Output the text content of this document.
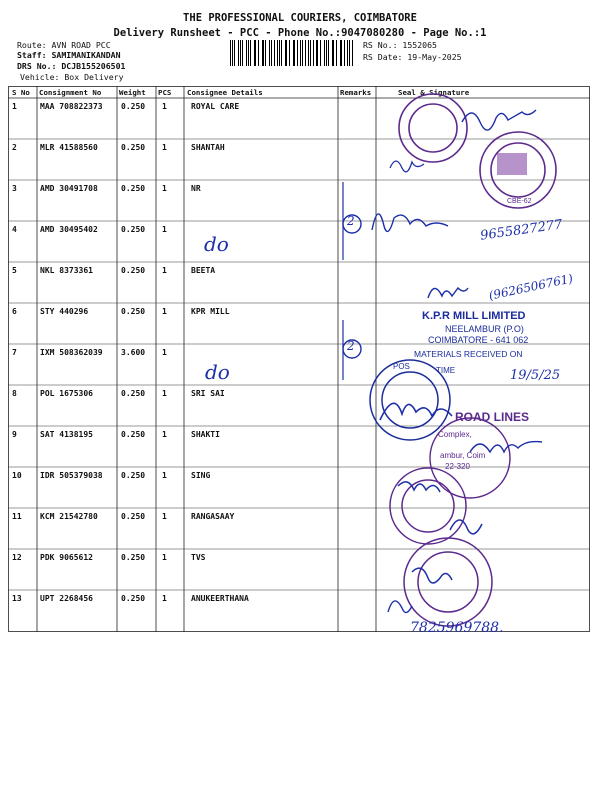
THE PROFESSIONAL COURIERS, COIMBATORE
Delivery Runsheet - PCC - Phone No.:9047080280 - Page No.:1
Route: AVN ROAD PCC
Staff: SAMIMANIKANDAN
DRS No.: DCJB155206501
Vehicle: Box Delivery
RS No.: 1552065
RS Date: 19-May-2025
S No Consignment No Weight PCS Consignee Details	Remarks	Seal & Signature
1	MAA 708822373 0.250 1	ROYAL CARE
2	MLR 41588560	0.250 1	SHANTAH
3	AMD 30491708	0.250 1	NR
4	AMD 30495402	0.250 1
5	NKL 8373361	0.250 1	BEETA
6	STY 440296	0.250 1	KPR MILL
7	IXM 508362039 3.600 1
8	POL 1675306	0.250 1	SRI SAI
9	SAT 4138195	0.250 1	SHAKTI
10 IDR 505379038 0.250 1	SING
11 KCM 21542780	0.250 1	RANGASAAY
12 PDK 9065612	0.250 1	TVS
13 UPT 2268456	0.250 1	ANUKEERTHANA
do
do
2
2
9655827277
(9626506761)
7825969788.
19/5/25
K.P.R MILL LIMITED
NEELAMBUR (P.O)
COIMBATORE - 641 062
MATERIALS RECEIVED ON
TIME
ROAD LINES
Complex,
ambur, Coim
22-320
CBE-62
POS
